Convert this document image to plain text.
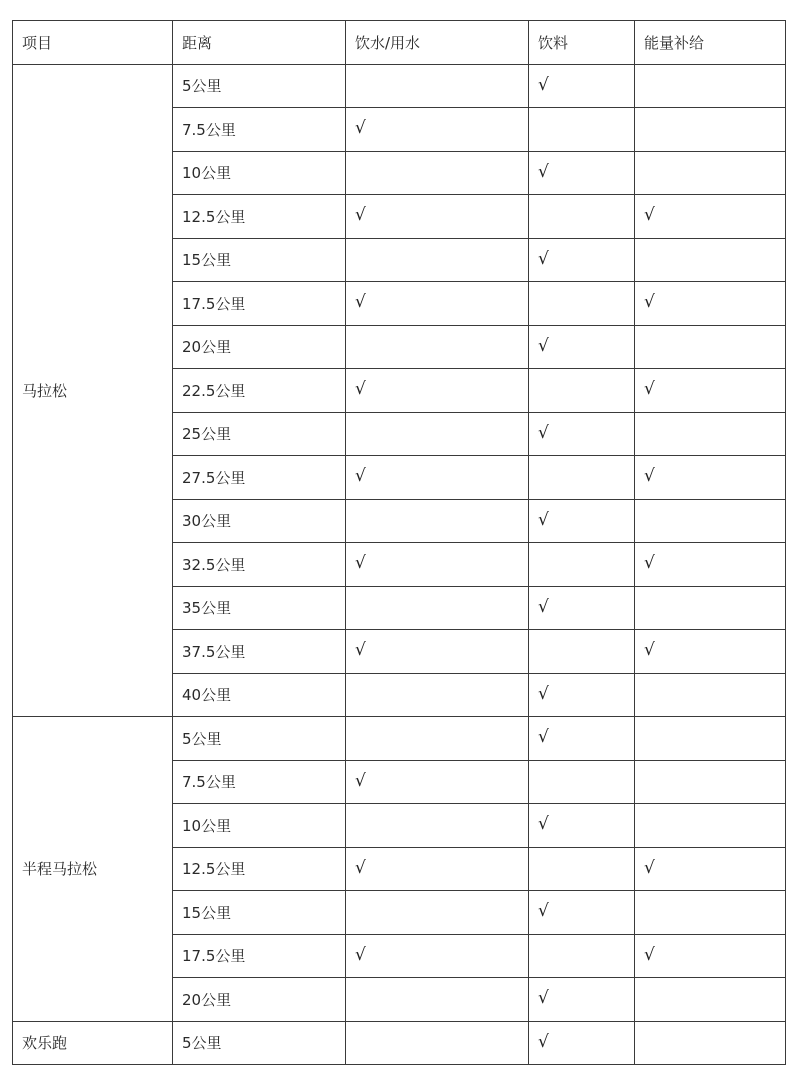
项目	距离	饮水/用水	饮料	能量补给
马拉松	5公里		√	
	7.5公里	√		
	10公里		√	
	12.5公里	√		√
	15公里		√	
	17.5公里	√		√
	20公里		√	
	22.5公里	√		√
	25公里		√	
	27.5公里	√		√
	30公里		√	
	32.5公里	√		√
	35公里		√	
	37.5公里	√		√
	40公里		√	
半程马拉松	5公里		√	
	7.5公里	√		
	10公里		√	
	12.5公里	√		√
	15公里		√	
	17.5公里	√		√
	20公里		√	
欢乐跑	5公里		√	
